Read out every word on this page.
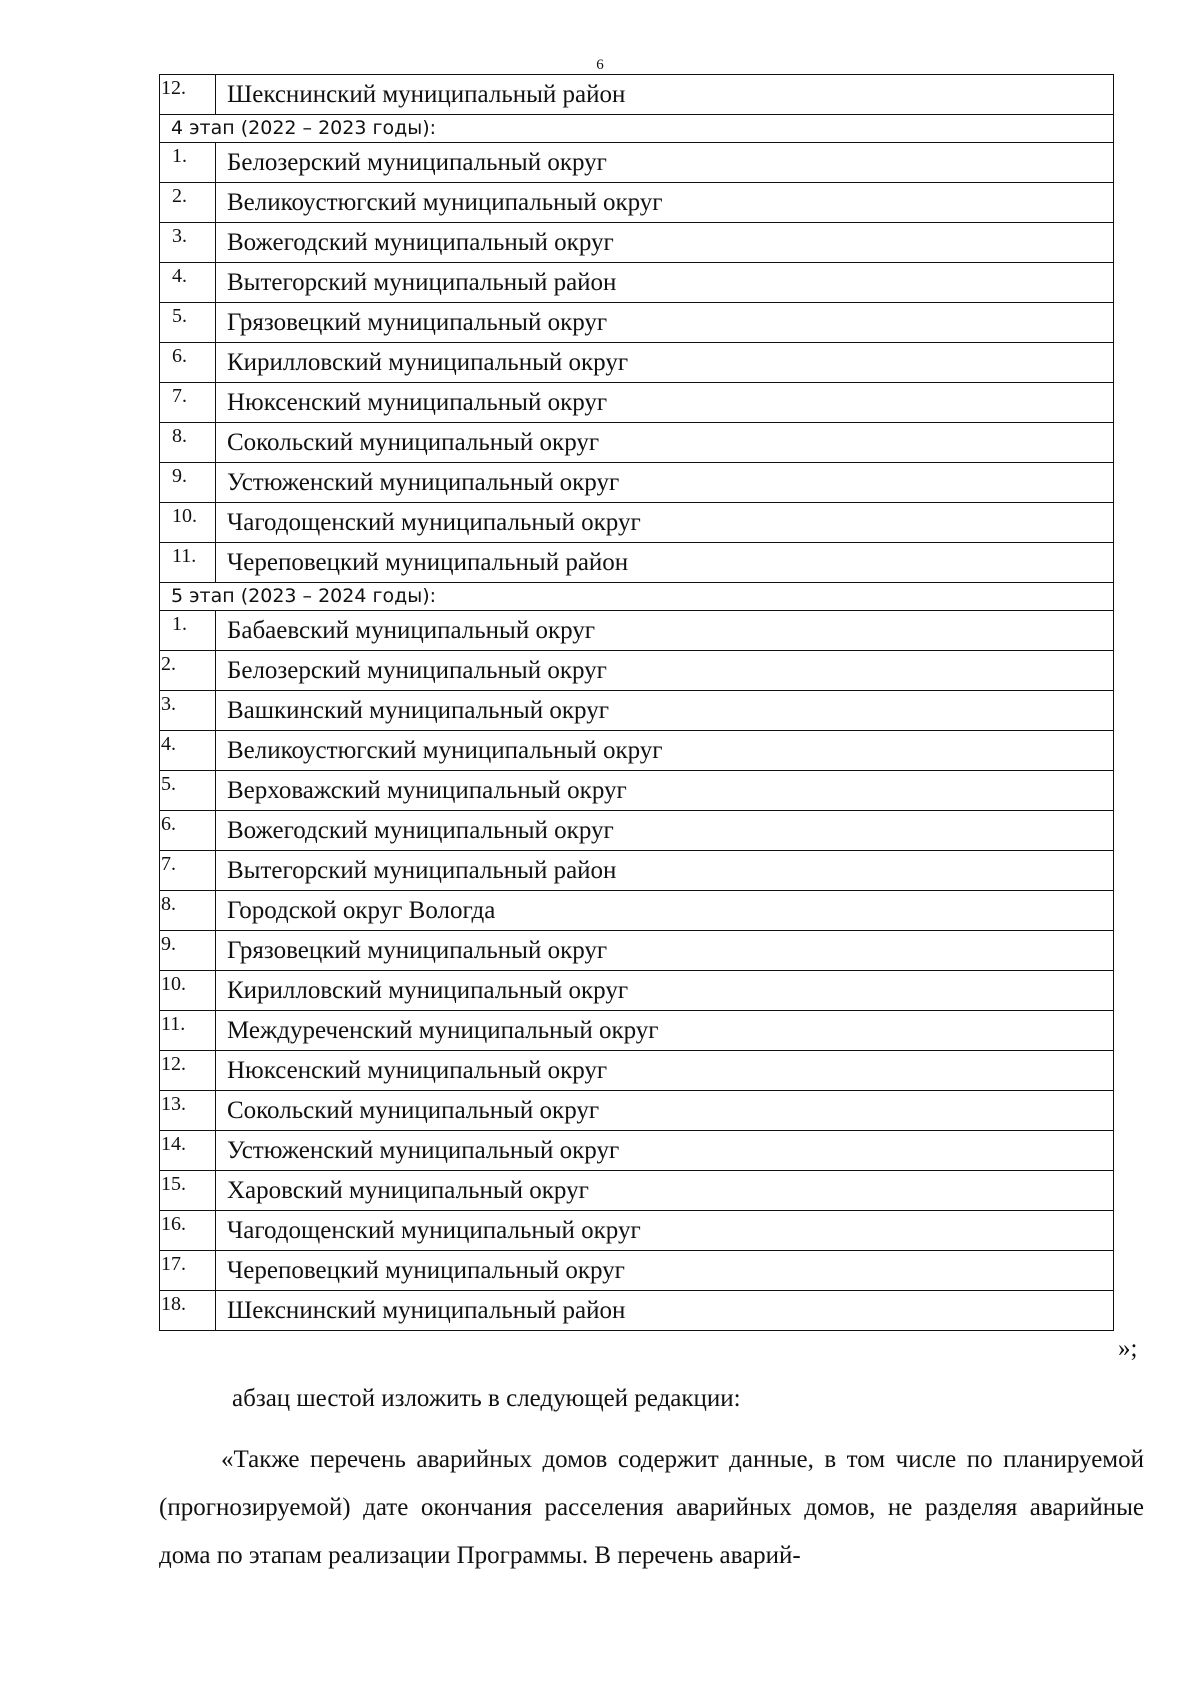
6
12.	Шекснинский муниципальный район
4 этап (2022 – 2023 годы):	
1.	Белозерский муниципальный округ
2.	Великоустюгский муниципальный округ
3.	Вожегодский муниципальный округ
4.	Вытегорский муниципальный район
5.	Грязовецкий муниципальный округ
6.	Кирилловский муниципальный округ
7.	Нюксенский муниципальный округ
8.	Сокольский муниципальный округ
9.	Устюженский муниципальный округ
10.	Чагодощенский муниципальный округ
11.	Череповецкий муниципальный район
5 этап (2023 – 2024 годы):	
1.	Бабаевский муниципальный округ
2.	Белозерский муниципальный округ
3.	Вашкинский муниципальный округ
4.	Великоустюгский муниципальный округ
5.	Верховажский муниципальный округ
6.	Вожегодский муниципальный округ
7.	Вытегорский муниципальный район
8.	Городской округ Вологда
9.	Грязовецкий муниципальный округ
10.	Кирилловский муниципальный округ
11.	Междуреченский муниципальный округ
12.	Нюксенский муниципальный округ
13.	Сокольский муниципальный округ
14.	Устюженский муниципальный округ
15.	Харовский муниципальный округ
16.	Чагодощенский муниципальный округ
17.	Череповецкий муниципальный округ
18.	Шекснинский муниципальный район
»;
абзац шестой изложить в следующей редакции:
«Также перечень аварийных домов содержит данные, в том числе по планируемой (прогнозируемой) дате окончания расселения аварийных домов, не разделяя аварийные дома по этапам реализации Программы. В перечень аварий-
